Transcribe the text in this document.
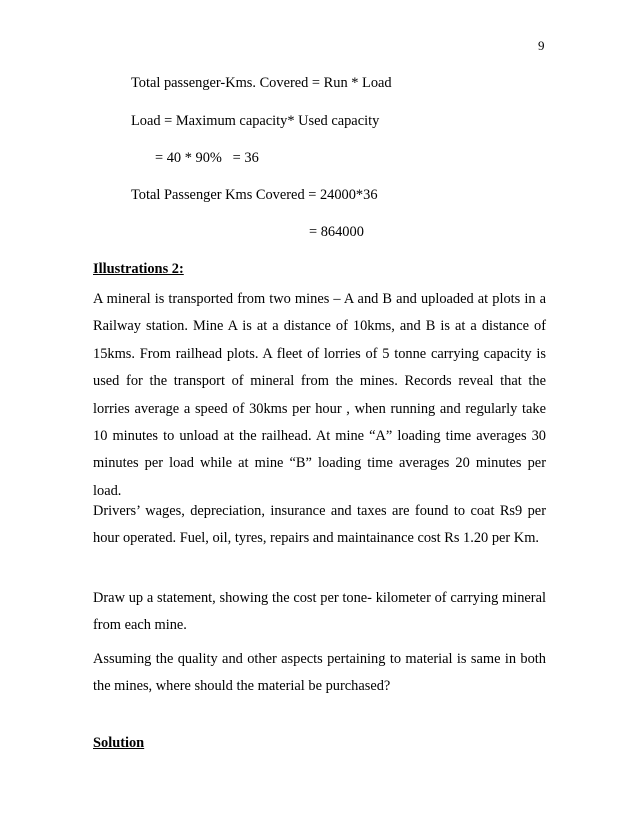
9
Total passenger-Kms. Covered = Run * Load
Load = Maximum capacity* Used capacity
= 40 * 90%   = 36
Total Passenger Kms Covered = 24000*36
= 864000
Illustrations 2:

A mineral is transported from two mines – A and B and uploaded at plots in a Railway station. Mine A is at a distance of 10kms, and B is at a distance of 15kms. From railhead plots. A fleet of lorries of 5 tonne carrying capacity is used for the transport of mineral from the mines. Records reveal that the lorries average a speed of 30kms per hour , when running and regularly take 10 minutes to unload at the railhead. At mine “A” loading time averages 30 minutes per load while at mine “B” loading time averages 20 minutes per load.

Drivers’ wages, depreciation, insurance and taxes are found to coat Rs9 per hour operated. Fuel, oil, tyres, repairs and maintainance cost Rs 1.20 per Km.

Draw up a statement, showing the cost per tone- kilometer of carrying mineral from each mine.

Assuming the quality and other aspects pertaining to material is same in both the mines, where should the material be purchased?

Solution
